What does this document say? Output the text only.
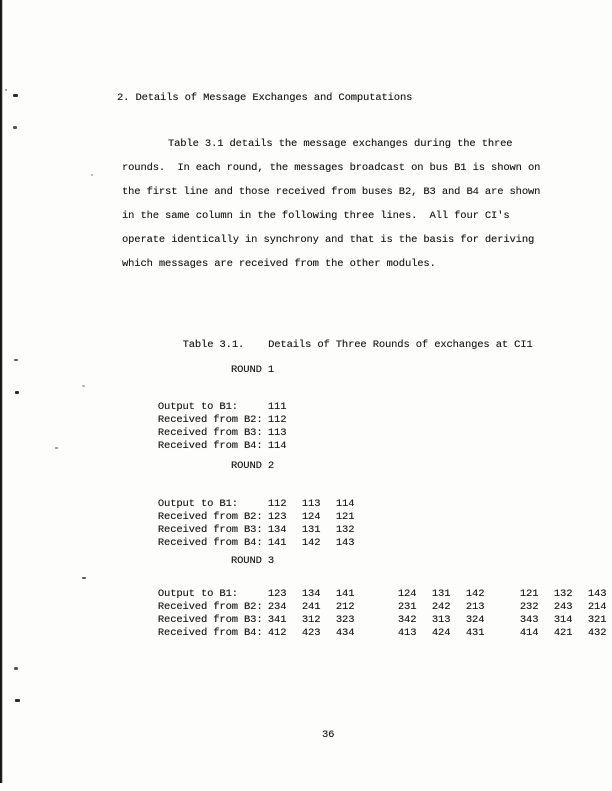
2. Details of Message Exchanges and Computations
Table 3.1 details the message exchanges during the three
rounds.  In each round, the messages broadcast on bus B1 is shown on
the first line and those received from buses B2, B3 and B4 are shown
in the same column in the following three lines.  All four CI's
operate identically in synchrony and that is the basis for deriving
which messages are received from the other modules.

Table 3.1. Details of Three Rounds of exchanges at CI1

ROUND 1

Output to B1:	111

Received from B2: 112

Received from B3: 113

Received from B4: 114

ROUND 2

Output to B1:	112 113 114

Received from B2: 123 124 121

Received from B3: 134 131 132

Received from B4: 141 142 143

ROUND 3

Output to B1:	123 134 141	124 131 142	121 132 143

Received from B2: 234 241 212	231 242 213	232 243 214

Received from B3: 341 312 323	342 313 324	343 314 321

Received from B4: 412 423 434	413 424 431	414 421 432

36
